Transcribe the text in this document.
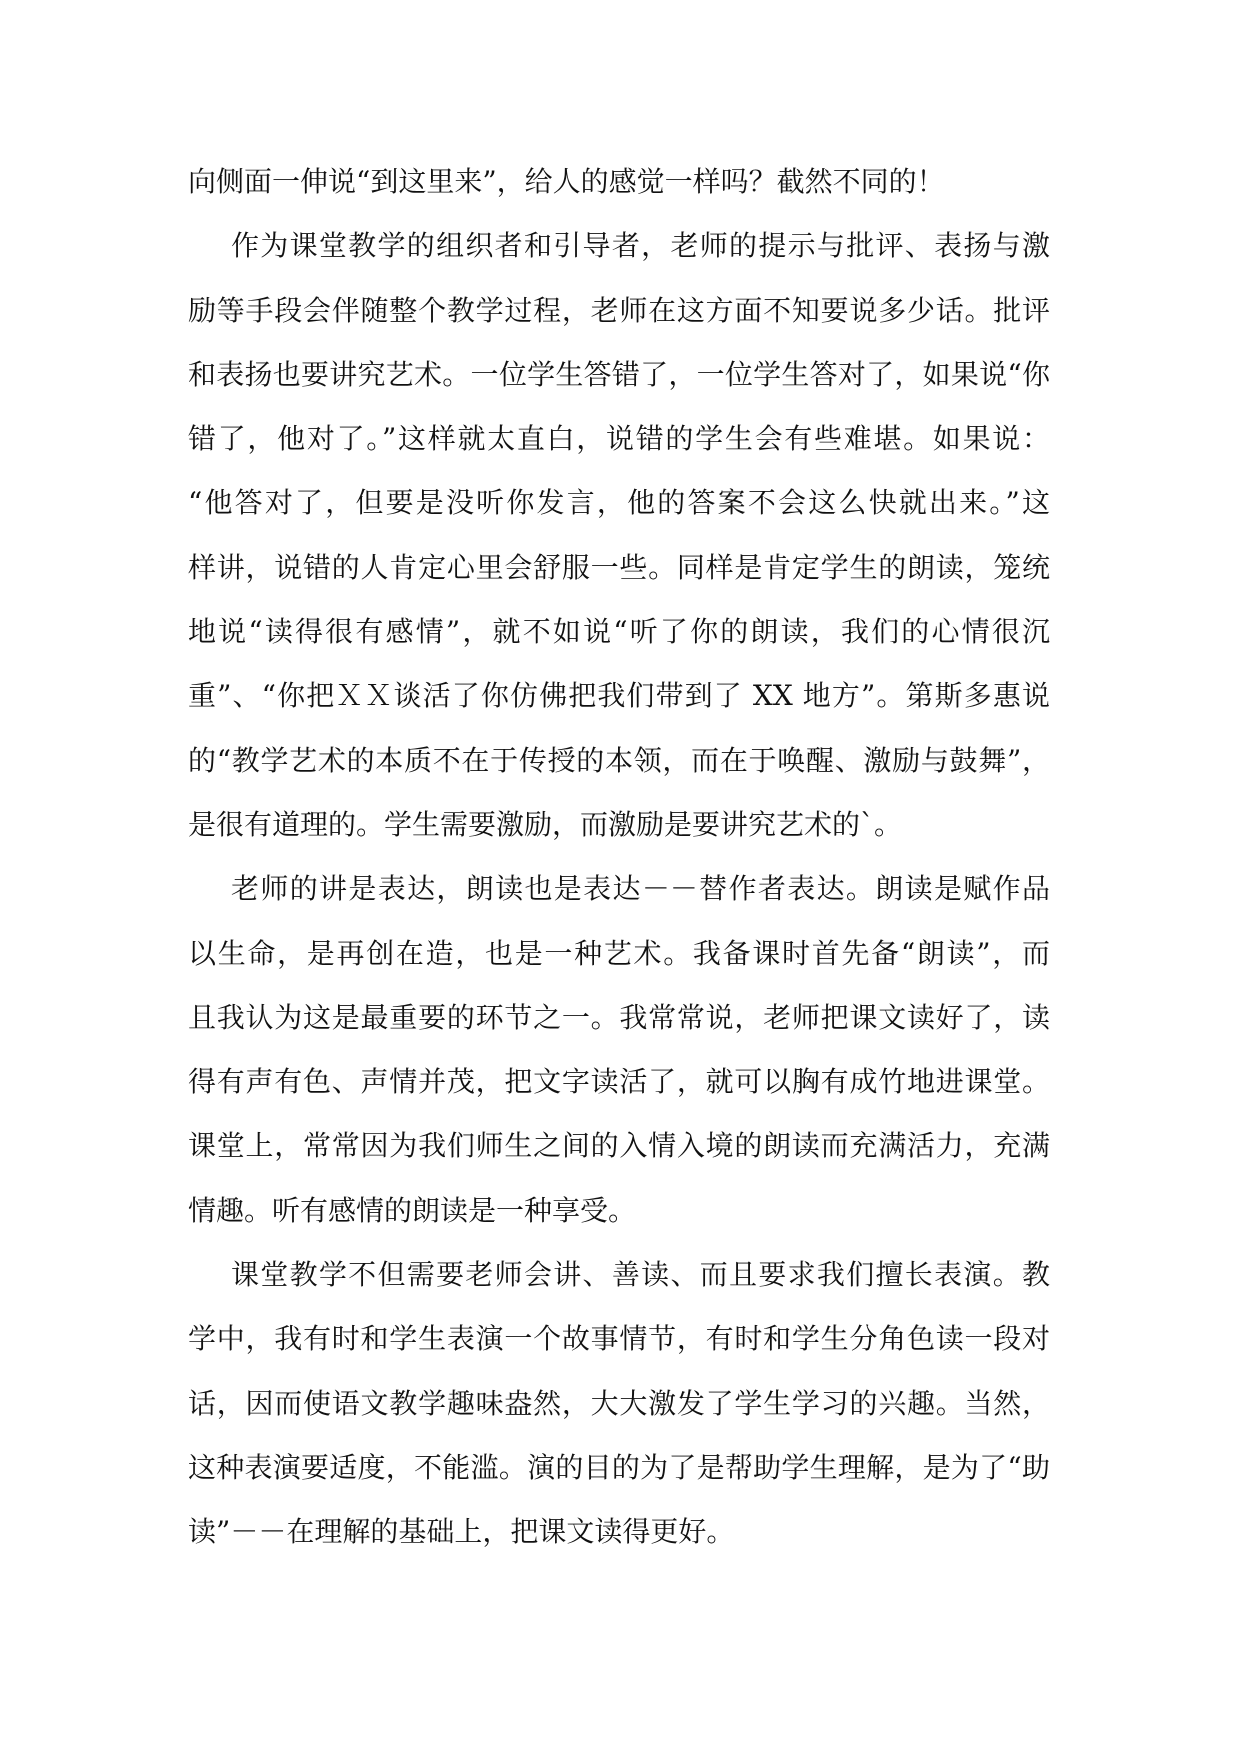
向侧面一伸说“到这里来”，给人的感觉一样吗？截然不同的！
作为课堂教学的组织者和引导者，老师的提示与批评、表扬与激
励等手段会伴随整个教学过程，老师在这方面不知要说多少话。批评
和表扬也要讲究艺术。一位学生答错了，一位学生答对了，如果说“你
错了，他对了。”这样就太直白，说错的学生会有些难堪。如果说：
“他答对了，但要是没听你发言，他的答案不会这么快就出来。”这
样讲，说错的人肯定心里会舒服一些。同样是肯定学生的朗读，笼统
地说“读得很有感情”，就不如说“听了你的朗读，我们的心情很沉
重”、“你把ＸＸ谈活了你仿佛把我们带到了 XX 地方”。第斯多惠说
的“教学艺术的本质不在于传授的本领，而在于唤醒、激励与鼓舞”，
是很有道理的。学生需要激励，而激励是要讲究艺术的`。
老师的讲是表达，朗读也是表达－－替作者表达。朗读是赋作品
以生命，是再创在造，也是一种艺术。我备课时首先备“朗读”，而
且我认为这是最重要的环节之一。我常常说，老师把课文读好了，读
得有声有色、声情并茂，把文字读活了，就可以胸有成竹地进课堂。
课堂上，常常因为我们师生之间的入情入境的朗读而充满活力，充满
情趣。听有感情的朗读是一种享受。
课堂教学不但需要老师会讲、善读、而且要求我们擅长表演。教
学中，我有时和学生表演一个故事情节，有时和学生分角色读一段对
话，因而使语文教学趣味盎然，大大激发了学生学习的兴趣。当然，
这种表演要适度，不能滥。演的目的为了是帮助学生理解，是为了“助
读”－－在理解的基础上，把课文读得更好。
